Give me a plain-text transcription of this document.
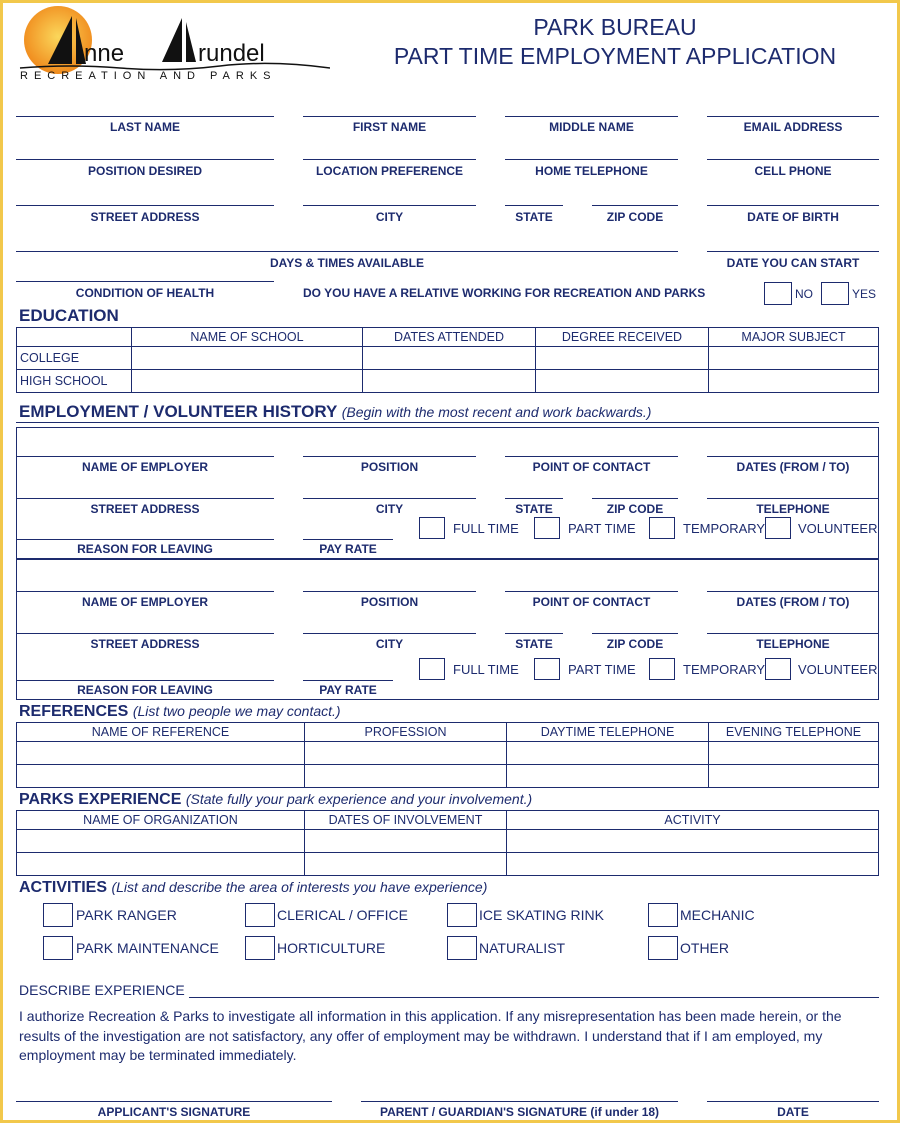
nne	rundel
RECREATION AND PARKS
PARK BUREAU
PART TIME EMPLOYMENT APPLICATION
LAST NAME	FIRST NAME	MIDDLE NAME	EMAIL ADDRESS
POSITION DESIRED	LOCATION PREFERENCE	HOME TELEPHONE	CELL PHONE
STREET ADDRESS	CITY	STATE	ZIP CODE	DATE OF BIRTH
DAYS & TIMES AVAILABLE	DATE YOU CAN START
CONDITION OF HEALTH	DO YOU HAVE A RELATIVE WORKING FOR RECREATION AND PARKS	NO	YES
EDUCATION
	NAME OF SCHOOL	DATES ATTENDED	DEGREE RECEIVED	MAJOR SUBJECT
COLLEGE				
HIGH SCHOOL				
EMPLOYMENT / VOLUNTEER HISTORY (Begin with the most recent and work backwards.)
NAME OF EMPLOYER	POSITION	POINT OF CONTACT	DATES (FROM / TO)
STREET ADDRESS	CITY	STATE	ZIP CODE	TELEPHONE
FULL TIME	PART TIME	TEMPORARY	VOLUNTEER
REASON FOR LEAVING	PAY RATE
NAME OF EMPLOYER	POSITION	POINT OF CONTACT	DATES (FROM / TO)
STREET ADDRESS	CITY	STATE	ZIP CODE	TELEPHONE
FULL TIME	PART TIME	TEMPORARY	VOLUNTEER
REASON FOR LEAVING	PAY RATE
REFERENCES (List two people we may contact.)
NAME OF REFERENCE	PROFESSION	DAYTIME TELEPHONE	EVENING TELEPHONE

PARKS EXPERIENCE (State fully your park experience and your involvement.)
NAME OF ORGANIZATION	DATES OF INVOLVEMENT	ACTIVITY

ACTIVITIES (List and describe the area of interests you have experience)
PARK RANGER	CLERICAL / OFFICE	ICE SKATING RINK	MECHANIC
PARK MAINTENANCE	HORTICULTURE	NATURALIST	OTHER
DESCRIBE EXPERIENCE
I authorize Recreation & Parks to investigate all information in this application. If any misrepresentation has been made herein, or the results of the investigation are not satisfactory, any offer of employment may be withdrawn. I understand that if I am employed, my employment may be terminated immediately.
APPLICANT'S SIGNATURE	PARENT / GUARDIAN'S SIGNATURE (if under 18)	DATE
